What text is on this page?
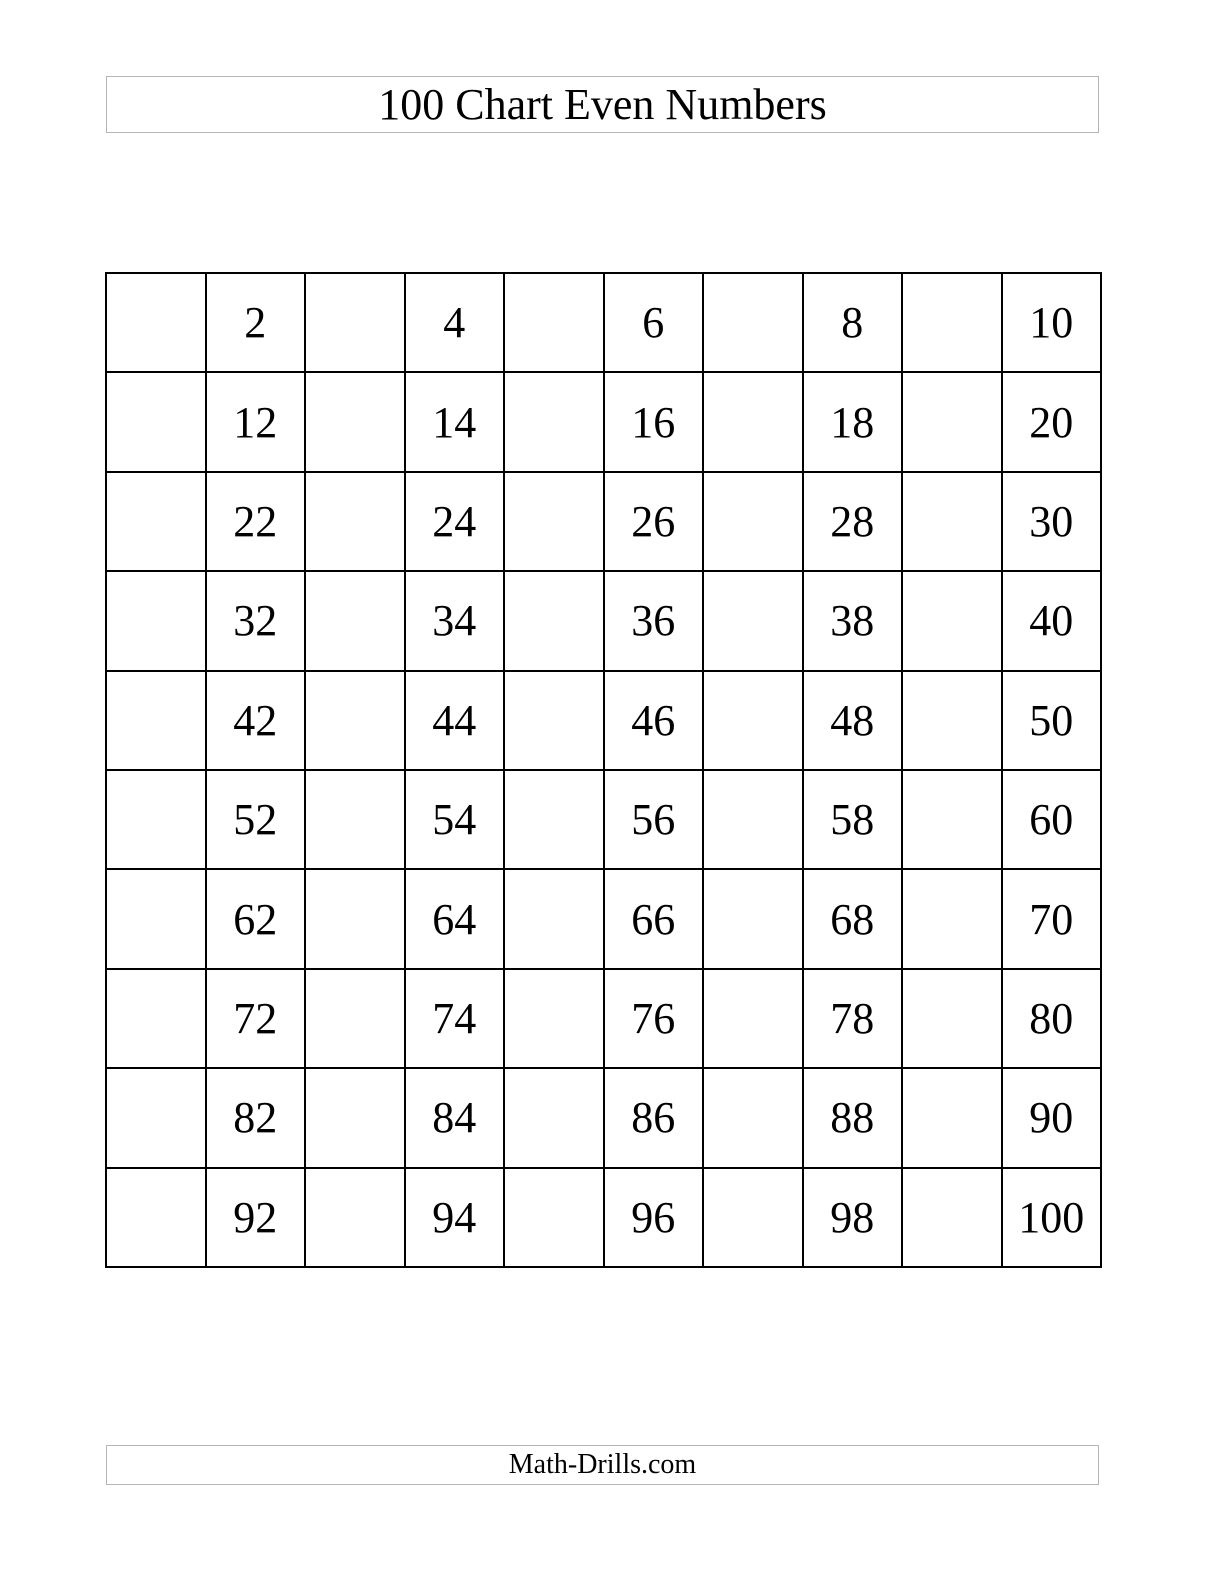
100 Chart Even Numbers
	2		4		6		8		10
	12		14		16		18		20
	22		24		26		28		30
	32		34		36		38		40
	42		44		46		48		50
	52		54		56		58		60
	62		64		66		68		70
	72		74		76		78		80
	82		84		86		88		90
	92		94		96		98		100
Math-Drills.com
